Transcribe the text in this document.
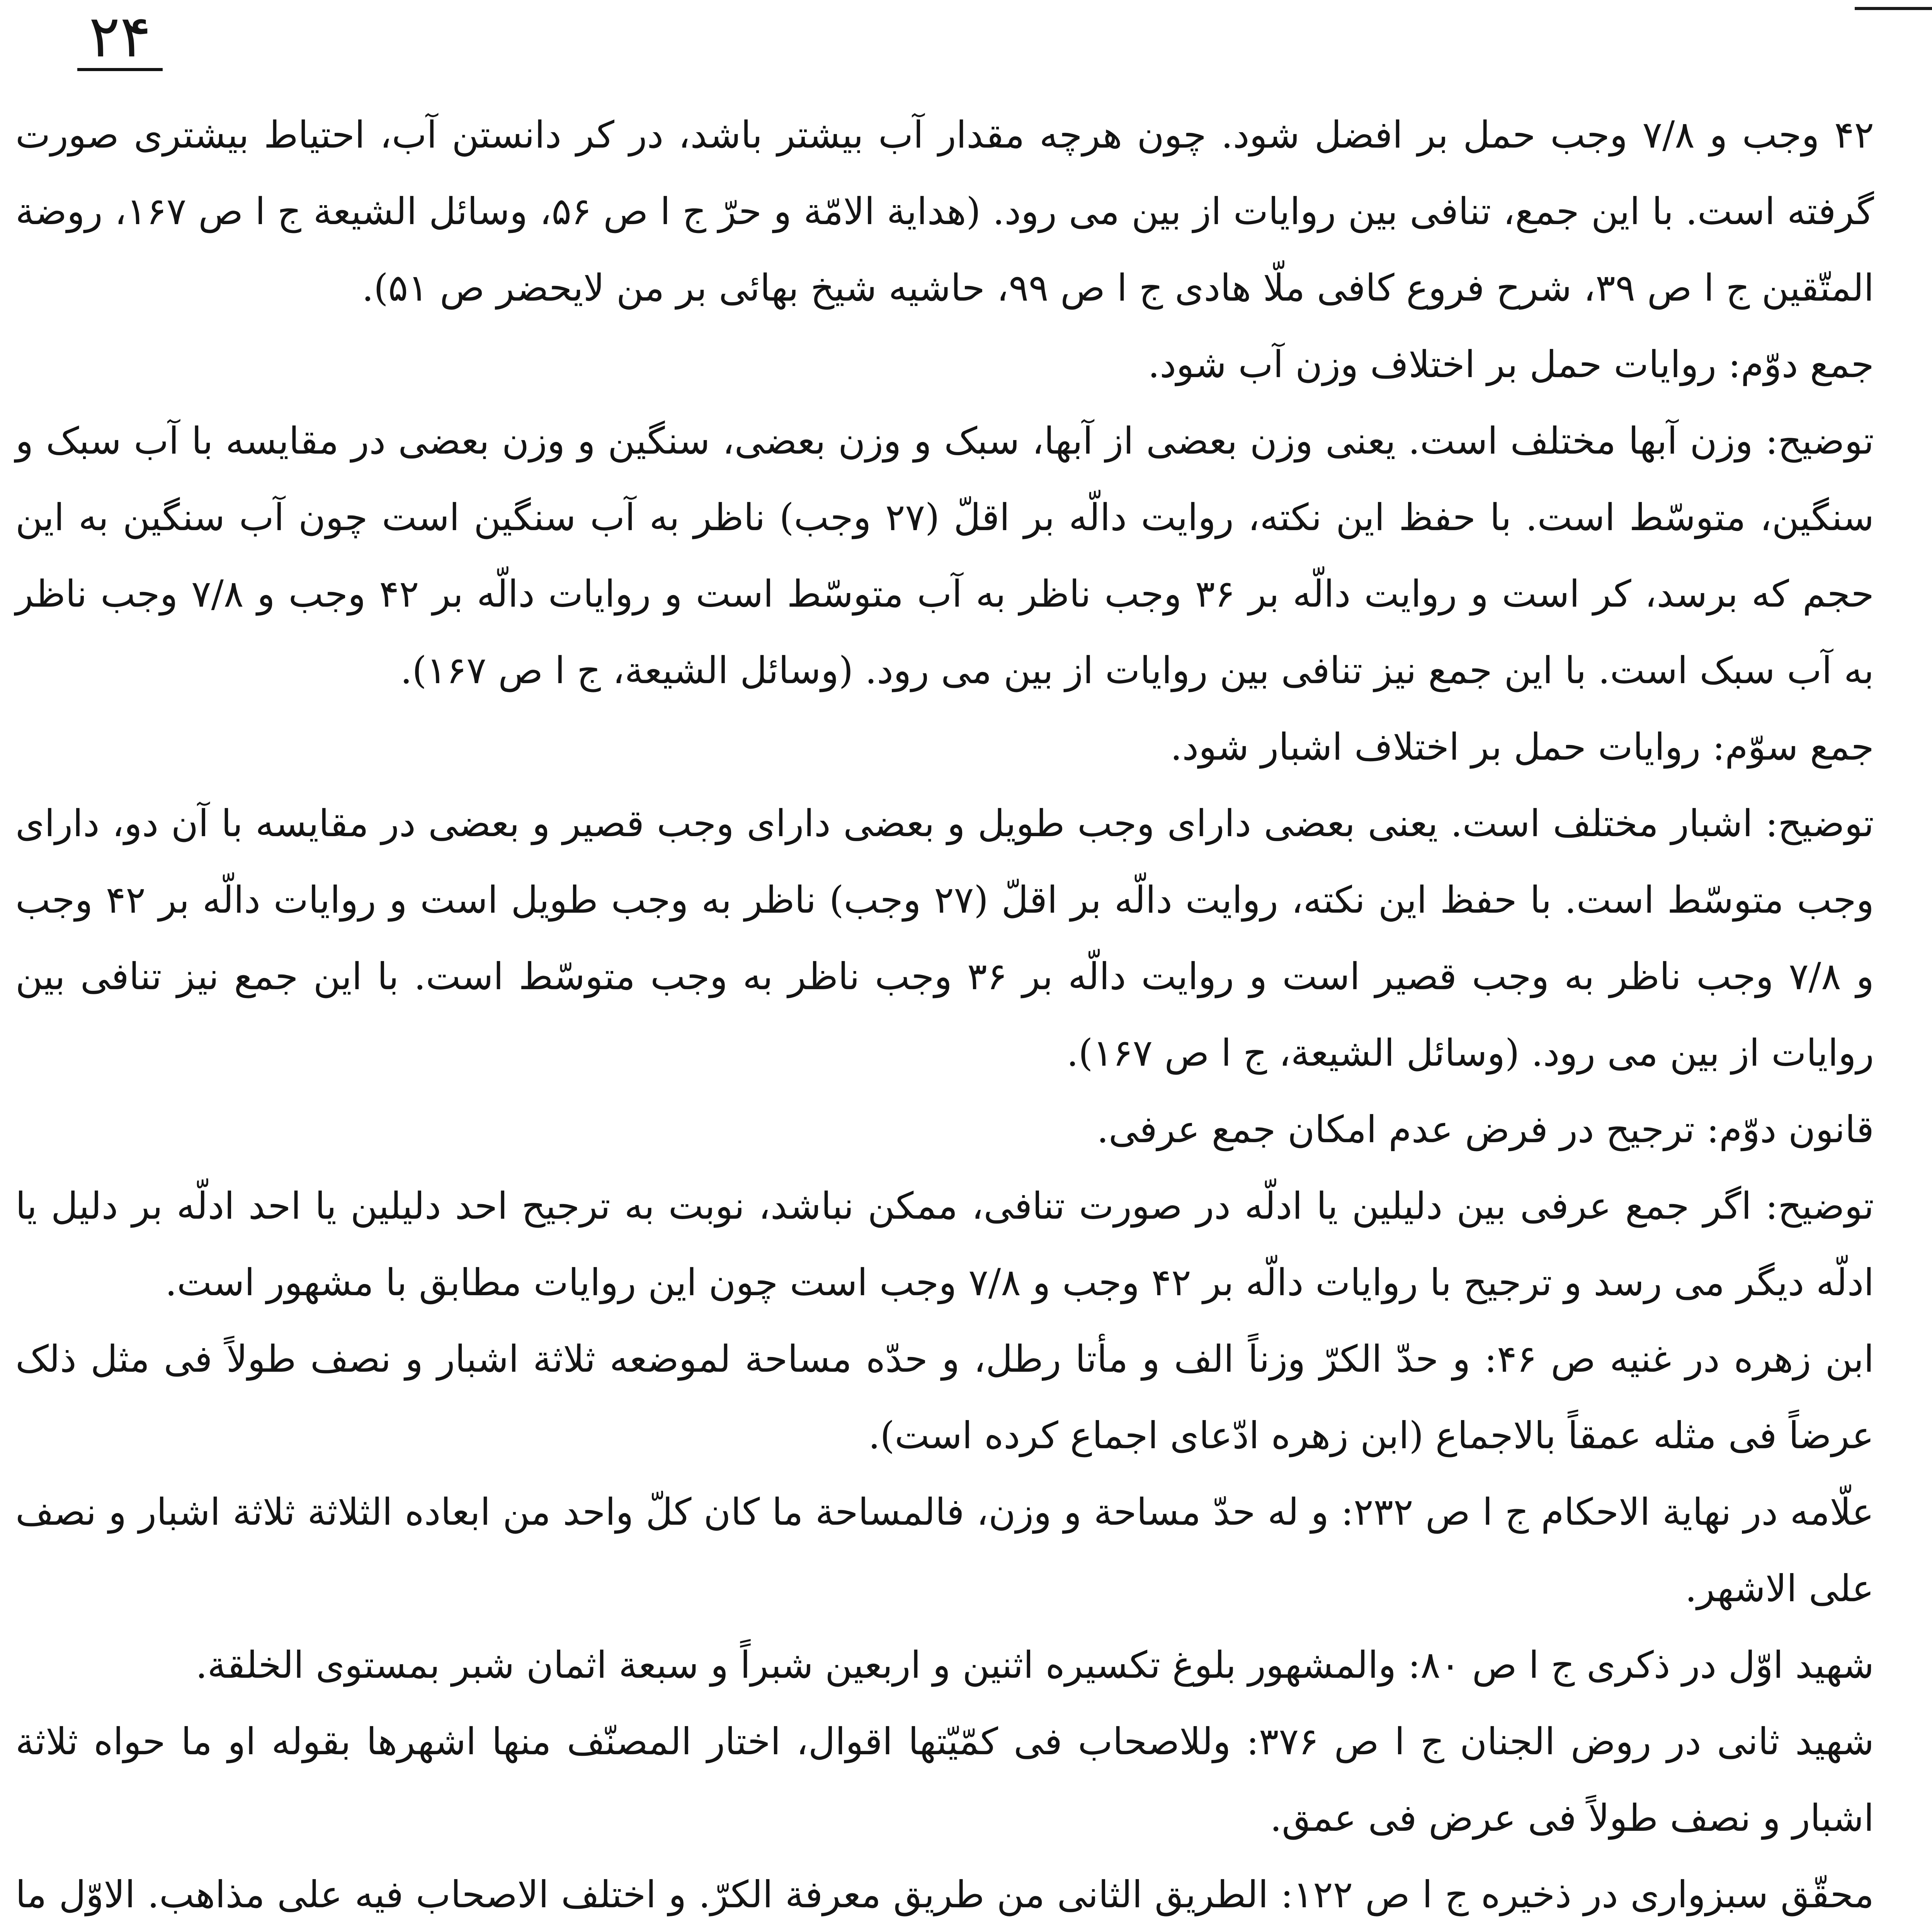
۲۴

۴۲ وجب و ۷/۸ وجب حمل بر افضل شود. چون هرچه مقدار آب بیشتر باشد، در کر دانستن آب، احتیاط بیشتری صورت گرفته است. با این جمع، تنافی بین روایات از بین می رود. (هدایة الامّة و حرّ ج ا ص ۵۶، وسائل الشیعة ج ا ص ۱۶۷، روضة المتّقین ج ا ص ۳۹، شرح فروع کافی ملّا هادی ج ا ص ۹۹، حاشیه شیخ بهائی بر من لایحضر ص ۵۱).

جمع دوّم: روایات حمل بر اختلاف وزن آب شود.

توضیح: وزن آبها مختلف است. یعنی وزن بعضی از آبها، سبک و وزن بعضی، سنگین و وزن بعضی در مقایسه با آب سبک و سنگین، متوسّط است. با حفظ این نکته، روایت دالّه بر اقلّ (۲۷ وجب) ناظر به آب سنگین است چون آب سنگین به این حجم که برسد، کر است و روایت دالّه بر ۳۶ وجب ناظر به آب متوسّط است و روایات دالّه بر ۴۲ وجب و ۷/۸ وجب ناظر به آب سبک است. با این جمع نیز تنافی بین روایات از بین می رود. (وسائل الشیعة، ج ا ص ۱۶۷).

جمع سوّم: روایات حمل بر اختلاف اشبار شود.

توضیح: اشبار مختلف است. یعنی بعضی دارای وجب طویل و بعضی دارای وجب قصیر و بعضی در مقایسه با آن دو، دارای وجب متوسّط است. با حفظ این نکته، روایت دالّه بر اقلّ (۲۷ وجب) ناظر به وجب طویل است و روایات دالّه بر ۴۲ وجب و ۷/۸ وجب ناظر به وجب قصیر است و روایت دالّه بر ۳۶ وجب ناظر به وجب متوسّط است. با این جمع نیز تنافی بین روایات از بین می رود. (وسائل الشیعة، ج ا ص ۱۶۷).

قانون دوّم: ترجیح در فرض عدم امکان جمع عرفی.

توضیح: اگر جمع عرفی بین دلیلین یا ادلّه در صورت تنافی، ممکن نباشد، نوبت به ترجیح احد دلیلین یا احد ادلّه بر دلیل یا ادلّه دیگر می رسد و ترجیح با روایات دالّه بر ۴۲ وجب و ۷/۸ وجب است چون این روایات مطابق با مشهور است.

ابن زهره در غنیه ص ۴۶: و حدّ الکرّ وزناً الف و مأتا رطل، و حدّه مساحة لموضعه ثلاثة اشبار و نصف طولاً فی مثل ذلک عرضاً فی مثله عمقاً بالاجماع (ابن زهره ادّعای اجماع کرده است).

علّامه در نهایة الاحکام ج ا ص ۲۳۲: و له حدّ مساحة و وزن، فالمساحة ما کان کلّ واحد من ابعاده الثلاثة ثلاثة اشبار و نصف علی الاشهر.

شهید اوّل در ذکری ج ا ص ۸۰: والمشهور بلوغ تکسیره اثنین و اربعین شبراً و سبعة اثمان شبر بمستوی الخلقة.

شهید ثانی در روض الجنان ج ا ص ۳۷۶: وللاصحاب فی کمّیّتها اقوال، اختار المصنّف منها اشهرها بقوله او ما حواه ثلاثة اشبار و نصف طولاً فی عرض فی عمق.

محقّق سبزواری در ذخیره ج ا ص ۱۲۲: الطریق الثانی من طریق معرفة الکرّ. و اختلف الاصحاب فیه علی مذاهب. الاوّل ما
